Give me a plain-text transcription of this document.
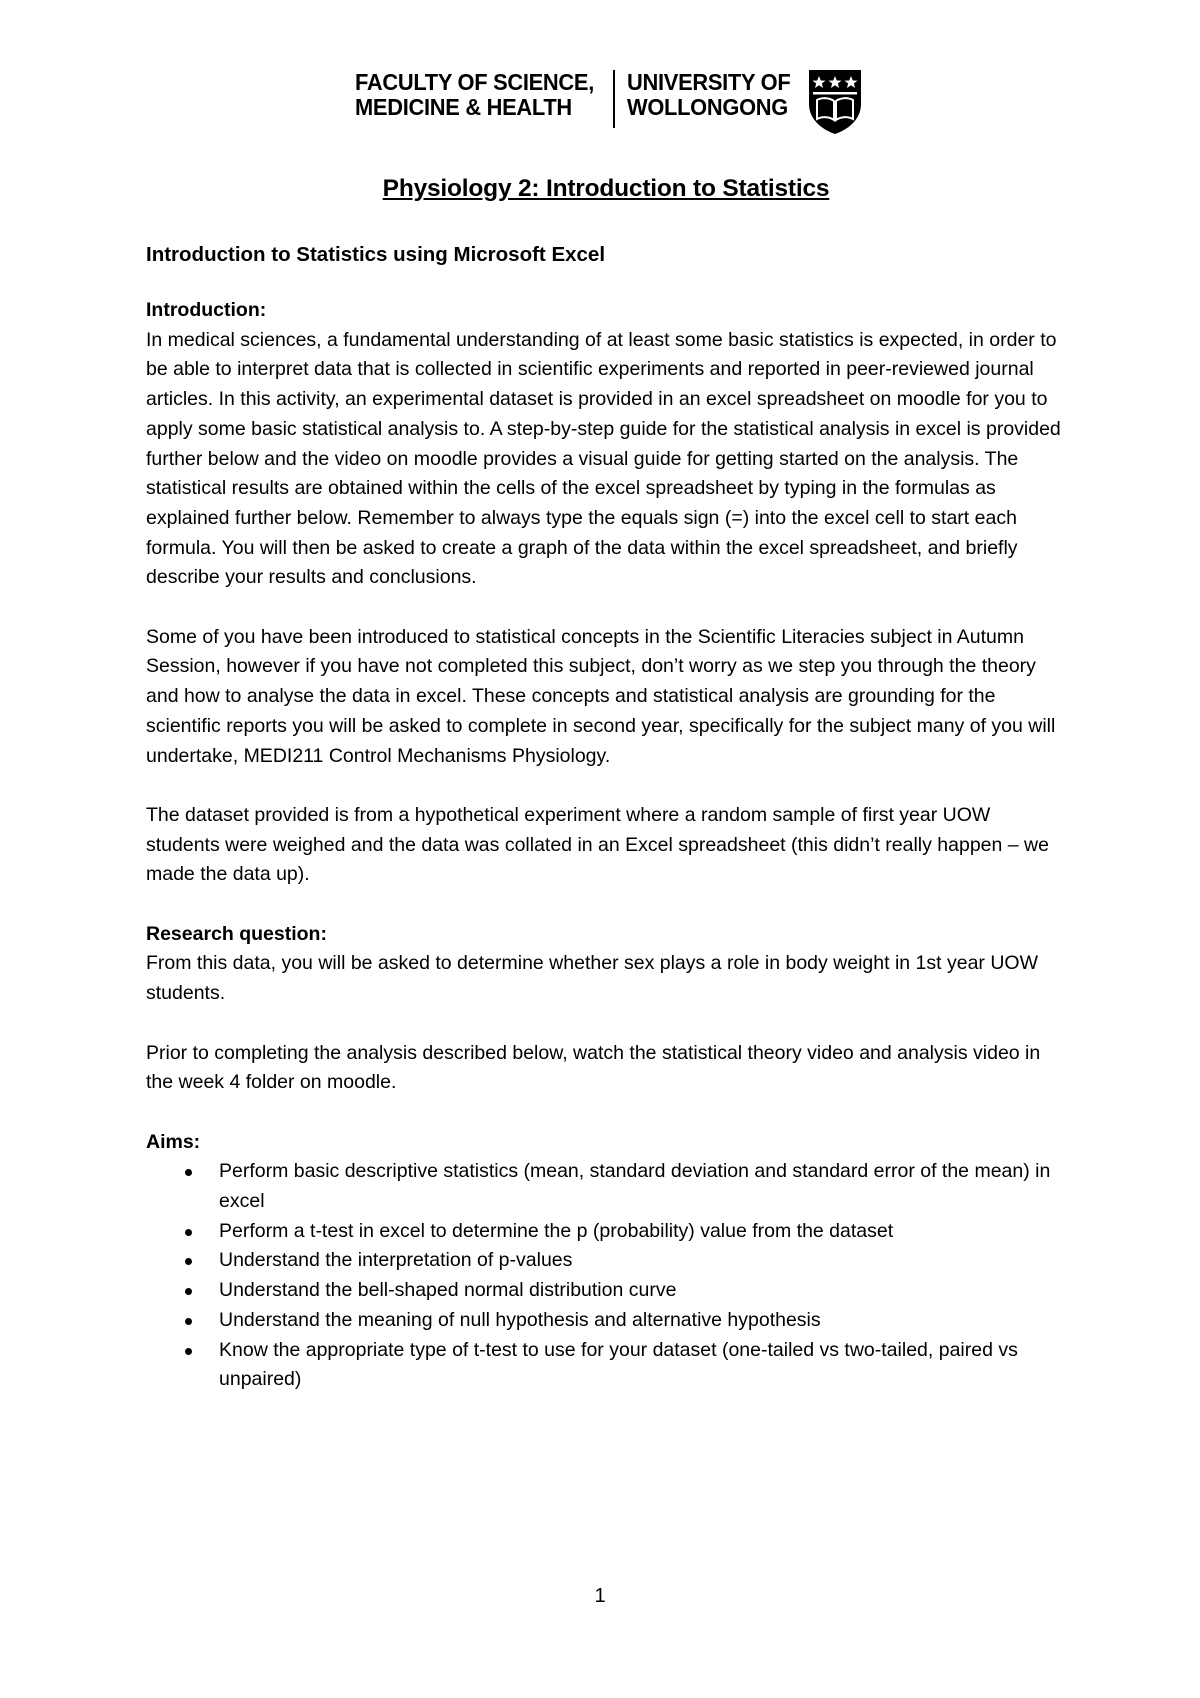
FACULTY OF SCIENCE,
MEDICINE & HEALTH
UNIVERSITY OF
WOLLONGONG
Physiology 2: Introduction to Statistics
Introduction to Statistics using Microsoft Excel

Introduction:

In medical sciences, a fundamental understanding of at least some basic statistics is expected, in order to be able to interpret data that is collected in scientific experiments and reported in peer-reviewed journal articles. In this activity, an experimental dataset is provided in an excel spreadsheet on moodle for you to apply some basic statistical analysis to. A step-by-step guide for the statistical analysis in excel is provided further below and the video on moodle provides a visual guide for getting started on the analysis. The statistical results are obtained within the cells of the excel spreadsheet by typing in the formulas as explained further below. Remember to always type the equals sign (=) into the excel cell to start each formula. You will then be asked to create a graph of the data within the excel spreadsheet, and briefly describe your results and conclusions.

Some of you have been introduced to statistical concepts in the Scientific Literacies subject in Autumn Session, however if you have not completed this subject, don’t worry as we step you through the theory and how to analyse the data in excel. These concepts and statistical analysis are grounding for the scientific reports you will be asked to complete in second year, specifically for the subject many of you will undertake, MEDI211 Control Mechanisms Physiology.

The dataset provided is from a hypothetical experiment where a random sample of first year UOW students were weighed and the data was collated in an Excel spreadsheet (this didn’t really happen – we made the data up).

Research question:

From this data, you will be asked to determine whether sex plays a role in body weight in 1st year UOW students.

Prior to completing the analysis described below, watch the statistical theory video and analysis video in the week 4 folder on moodle.

Aims:

Perform basic descriptive statistics (mean, standard deviation and standard error of the mean) in excel
Perform a t-test in excel to determine the p (probability) value from the dataset
Understand the interpretation of p-values
Understand the bell-shaped normal distribution curve
Understand the meaning of null hypothesis and alternative hypothesis
Know the appropriate type of t-test to use for your dataset (one-tailed vs two-tailed, paired vs unpaired)
1
